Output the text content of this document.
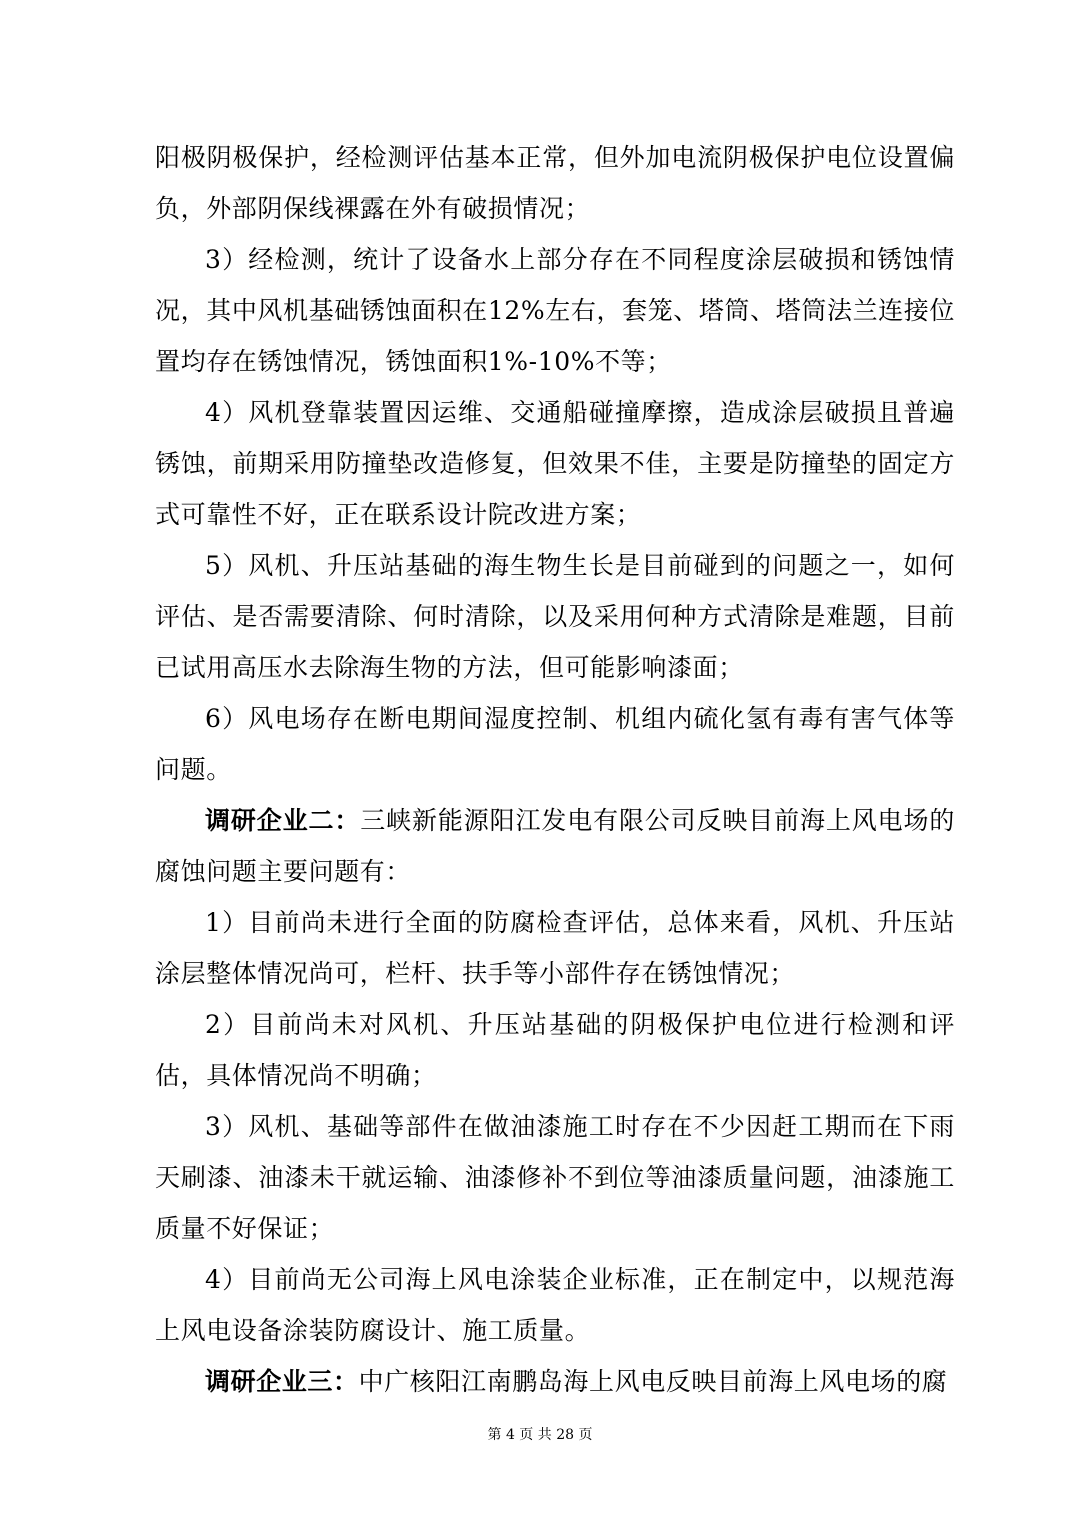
阳极阴极保护，经检测评估基本正常，但外加电流阴极保护电位设置偏负，外部阴保线裸露在外有破损情况；

3）经检测，统计了设备水上部分存在不同程度涂层破损和锈蚀情况，其中风机基础锈蚀面积在12%左右，套笼、塔筒、塔筒法兰连接位置均存在锈蚀情况，锈蚀面积1%-10%不等；

4）风机登靠装置因运维、交通船碰撞摩擦，造成涂层破损且普遍锈蚀，前期采用防撞垫改造修复，但效果不佳，主要是防撞垫的固定方式可靠性不好，正在联系设计院改进方案；

5）风机、升压站基础的海生物生长是目前碰到的问题之一，如何评估、是否需要清除、何时清除，以及采用何种方式清除是难题，目前已试用高压水去除海生物的方法，但可能影响漆面；

6）风电场存在断电期间湿度控制、机组内硫化氢有毒有害气体等问题。

调研企业二：三峡新能源阳江发电有限公司反映目前海上风电场的腐蚀问题主要问题有：

1）目前尚未进行全面的防腐检查评估，总体来看，风机、升压站涂层整体情况尚可，栏杆、扶手等小部件存在锈蚀情况；

2）目前尚未对风机、升压站基础的阴极保护电位进行检测和评估，具体情况尚不明确；

3）风机、基础等部件在做油漆施工时存在不少因赶工期而在下雨天刷漆、油漆未干就运输、油漆修补不到位等油漆质量问题，油漆施工质量不好保证；

4）目前尚无公司海上风电涂装企业标准，正在制定中，以规范海上风电设备涂装防腐设计、施工质量。

调研企业三：中广核阳江南鹏岛海上风电反映目前海上风电场的腐

第 4 页 共 28 页
